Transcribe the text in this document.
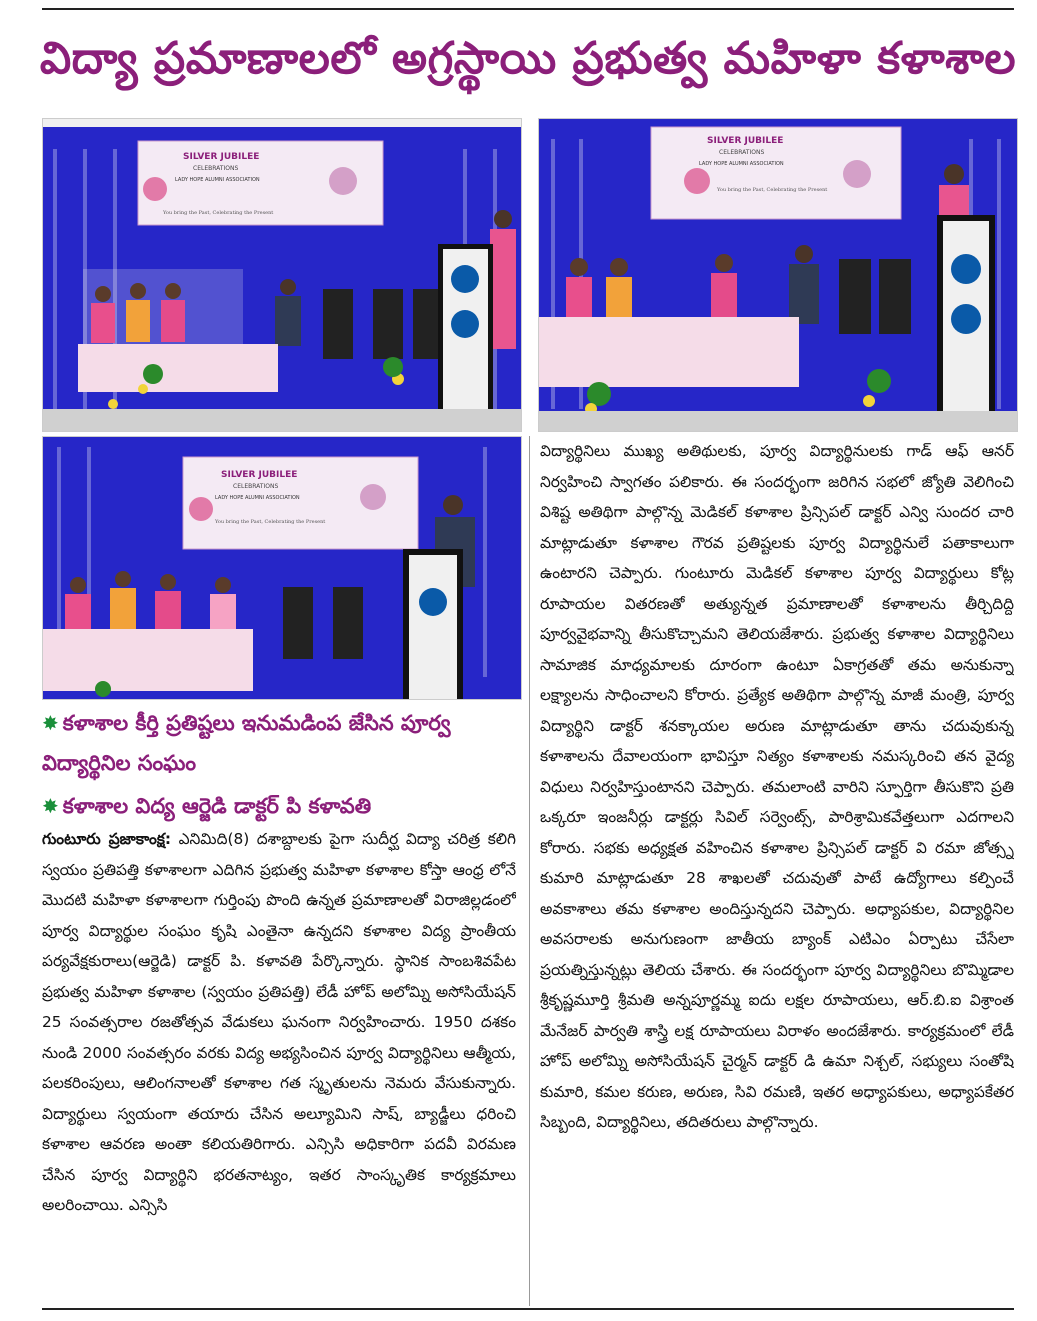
విద్యా ప్రమాణాలలో అగ్రస్థాయి ప్రభుత్వ మహిళా కళాశాల
SILVER JUBILEE
CELEBRATIONS
LADY HOPE ALUMNI ASSOCIATION
You bring the Past, Celebrating the Present
SILVER JUBILEE
CELEBRATIONS
LADY HOPE ALUMNI ASSOCIATION
You bring the Past, Celebrating the Present
SILVER JUBILEE
CELEBRATIONS
LADY HOPE ALUMNI ASSOCIATION
You bring the Past, Celebrating the Present
✸ కళాశాల కీర్తి ప్రతిష్టలు ఇనుమడింప జేసిన పూర్వ
విద్యార్థినిల సంఘం
✸ కళాశాల విద్య ఆర్జెడి డాక్టర్ పి కళావతి

గుంటూరు ప్రజాకాంక్ష: ఎనిమిది(8) దశాబ్దాలకు పైగా సుదీర్ఘ విద్యా చరిత్ర కలిగి స్వయం ప్రతిపత్తి కళాశాలగా ఎదిగిన ప్రభుత్వ మహిళా కళాశాల కోస్తా ఆంధ్ర లోనే మొదటి మహిళా కళాశాలగా గుర్తింపు పొంది ఉన్నత ప్రమాణాలతో విరాజిల్లడంలో పూర్వ విద్యార్థుల సంఘం కృషి ఎంతైనా ఉన్నదని కళాశాల విద్య ప్రాంతీయ పర్యవేక్షకురాలు(ఆర్జెడి) డాక్టర్ పి. కళావతి పేర్కొన్నారు. స్థానిక సాంబశివపేట ప్రభుత్వ మహిళా కళాశాల (స్వయం ప్రతిపత్తి) లేడీ హోప్ అలోమ్ని అసోసియేషన్ 25 సంవత్సరాల రజతోత్సవ వేడుకలు ఘనంగా నిర్వహించారు. 1950 దశకం నుండి 2000 సంవత్సరం వరకు విద్య అభ్యసించిన పూర్వ విద్యార్థినిలు ఆత్మీయ, పలకరింపులు, ఆలింగనాలతో కళాశాల గత స్మృతులను నెమరు వేసుకున్నారు. విద్యార్థులు స్వయంగా తయారు చేసిన అల్యూమిని సాష్, బ్యాడ్జీలు ధరించి కళాశాల ఆవరణ అంతా కలియతిరిగారు. ఎన్సిసి అధికారిగా పదవీ విరమణ చేసిన పూర్వ విద్యార్థిని భరతనాట్యం, ఇతర సాంస్కృతిక కార్యక్రమాలు అలరించాయి. ఎన్సిసి

విద్యార్థినిలు ముఖ్య అతిథులకు, పూర్వ విద్యార్థినులకు గాడ్ ఆఫ్ ఆనర్ నిర్వహించి స్వాగతం పలికారు. ఈ సందర్భంగా జరిగిన సభలో జ్యోతి వెలిగించి విశిష్ట అతిథిగా పాల్గొన్న మెడికల్ కళాశాల ప్రిన్సిపల్ డాక్టర్ ఎన్వి సుందర చారి మాట్లాడుతూ కళాశాల గౌరవ ప్రతిష్టలకు పూర్వ విద్యార్థినులే పతాకాలుగా ఉంటారని చెప్పారు. గుంటూరు మెడికల్ కళాశాల పూర్వ విద్యార్థులు కోట్ల రూపాయల వితరణతో అత్యున్నత ప్రమాణాలతో కళాశాలను తీర్చిదిద్ది పూర్వవైభవాన్ని తీసుకొచ్చామని తెలియజేశారు. ప్రభుత్వ కళాశాల విద్యార్థినిలు సామాజిక మాధ్యమాలకు దూరంగా ఉంటూ ఏకాగ్రతతో తమ అనుకున్నా లక్ష్యాలను సాధించాలని కోరారు. ప్రత్యేక అతిథిగా పాల్గొన్న మాజీ మంత్రి, పూర్వ విద్యార్థిని డాక్టర్ శనక్కాయల అరుణ మాట్లాడుతూ తాను చదువుకున్న కళాశాలను దేవాలయంగా భావిస్తూ నిత్యం కళాశాలకు నమస్కరించి తన వైద్య విధులు నిర్వహిస్తుంటానని చెప్పారు. తమలాంటి వారిని స్ఫూర్తిగా తీసుకొని ప్రతి ఒక్కరూ ఇంజనీర్లు డాక్టర్లు సివిల్ సర్వెంట్స్, పారిశ్రామికవేత్తలుగా ఎదగాలని కోరారు. సభకు అధ్యక్షత వహించిన కళాశాల ప్రిన్సిపల్ డాక్టర్ వి రమా జోత్స్న కుమారి మాట్లాడుతూ 28 శాఖలతో చదువుతో పాటే ఉద్యోగాలు కల్పించే అవకాశాలు తమ కళాశాల అందిస్తున్నదని చెప్పారు. అధ్యాపకుల, విద్యార్థినిల అవసరాలకు అనుగుణంగా జాతీయ బ్యాంక్ ఎటిఎం ఏర్పాటు చేసేలా ప్రయత్నిస్తున్నట్లు తెలియ చేశారు. ఈ సందర్భంగా పూర్వ విద్యార్థినిలు బొమ్మిడాల శ్రీకృష్ణమూర్తి శ్రీమతి అన్నపూర్ణమ్మ ఐదు లక్షల రూపాయలు, ఆర్.బి.ఐ విశ్రాంత మేనేజర్ పార్వతి శాస్త్రి లక్ష రూపాయలు విరాళం అందజేశారు. కార్యక్రమంలో లేడీ హోప్ అలోమ్ని అసోసియేషన్ చైర్మన్ డాక్టర్ డి ఉమా నిశ్చల్, సభ్యులు సంతోషి కుమారి, కమల కరుణ, అరుణ, సివి రమణి, ఇతర అధ్యాపకులు, అధ్యాపకేతర సిబ్బంది, విద్యార్థినిలు, తదితరులు పాల్గొన్నారు.
